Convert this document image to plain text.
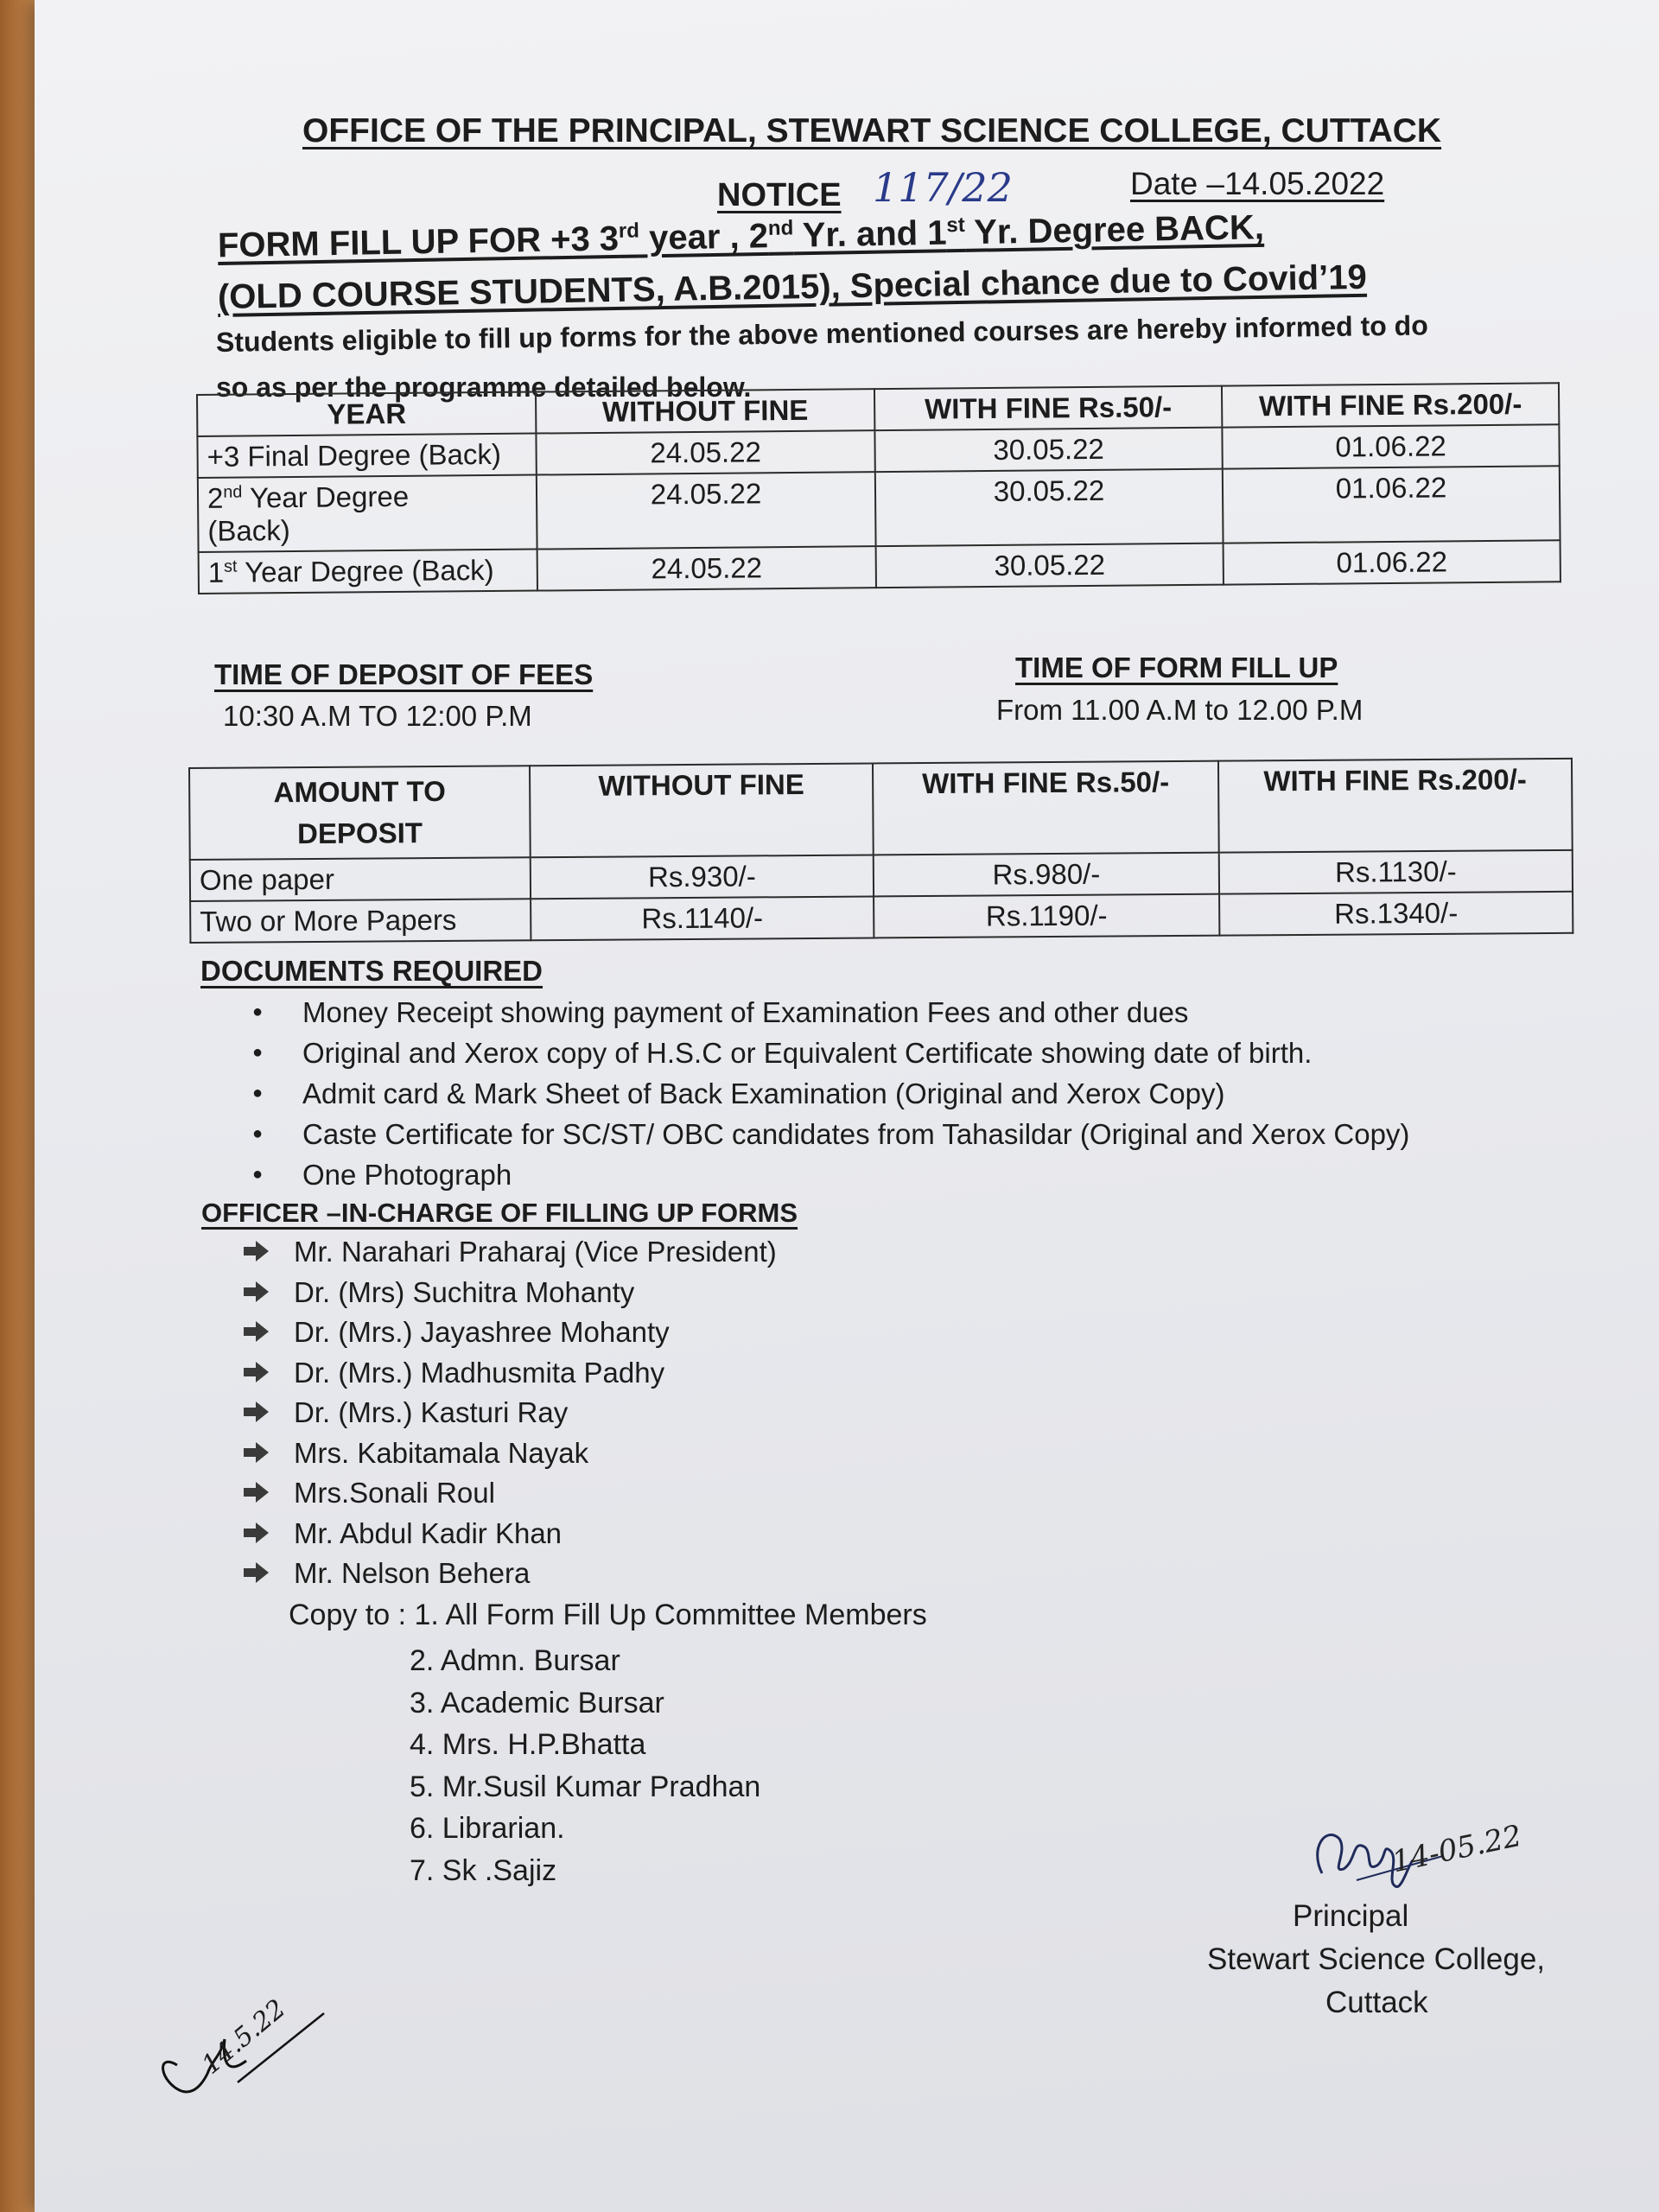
OFFICE OF THE PRINCIPAL, STEWART SCIENCE COLLEGE, CUTTACK
NOTICE 117/22	Date –14.05.2022
FORM FILL UP FOR +3 3rd year , 2nd Yr. and 1st Yr. Degree BACK,
(OLD COURSE STUDENTS, A.B.2015), Special chance due to Covid’19
Students eligible to fill up forms for the above mentioned courses are hereby informed to do
so as per the programme detailed below.
YEAR	WITHOUT FINE	WITH FINE Rs.50/-	WITH FINE Rs.200/-
+3 Final Degree (Back)	24.05.22	30.05.22	01.06.22
2nd Year Degree
(Back)	24.05.22	30.05.22	01.06.22
1st Year Degree (Back)	24.05.22	30.05.22	01.06.22
TIME OF DEPOSIT OF FEES
10:30 A.M TO 12:00 P.M
TIME OF FORM FILL UP
From 11.00 A.M to 12.00 P.M
AMOUNT TO
DEPOSIT	WITHOUT FINE	WITH FINE Rs.50/-	WITH FINE Rs.200/-
One paper	Rs.930/-	Rs.980/-	Rs.1130/-
Two or More Papers	Rs.1140/-	Rs.1190/-	Rs.1340/-
DOCUMENTS REQUIRED
● Money Receipt showing payment of Examination Fees and other dues
● Original and Xerox copy of H.S.C or Equivalent Certificate showing date of birth.
● Admit card & Mark Sheet of Back Examination (Original and Xerox Copy)
● Caste Certificate for SC/ST/ OBC candidates from Tahasildar (Original and Xerox Copy)
● One Photograph
OFFICER –IN-CHARGE OF FILLING UP FORMS
Mr. Narahari Praharaj (Vice President)
Dr. (Mrs) Suchitra Mohanty
Dr. (Mrs.) Jayashree Mohanty
Dr. (Mrs.) Madhusmita Padhy
Dr. (Mrs.) Kasturi Ray
Mrs. Kabitamala Nayak
Mrs.Sonali Roul
Mr. Abdul Kadir Khan
Mr. Nelson Behera
Copy to : 1. All Form Fill Up Committee Members
2. Admn. Bursar
3. Academic Bursar
4. Mrs. H.P.Bhatta
5. Mr.Susil Kumar Pradhan
6. Librarian.
7. Sk .Sajiz	14-05.22
Principal
Stewart Science College,
Cuttack
14.5.22
